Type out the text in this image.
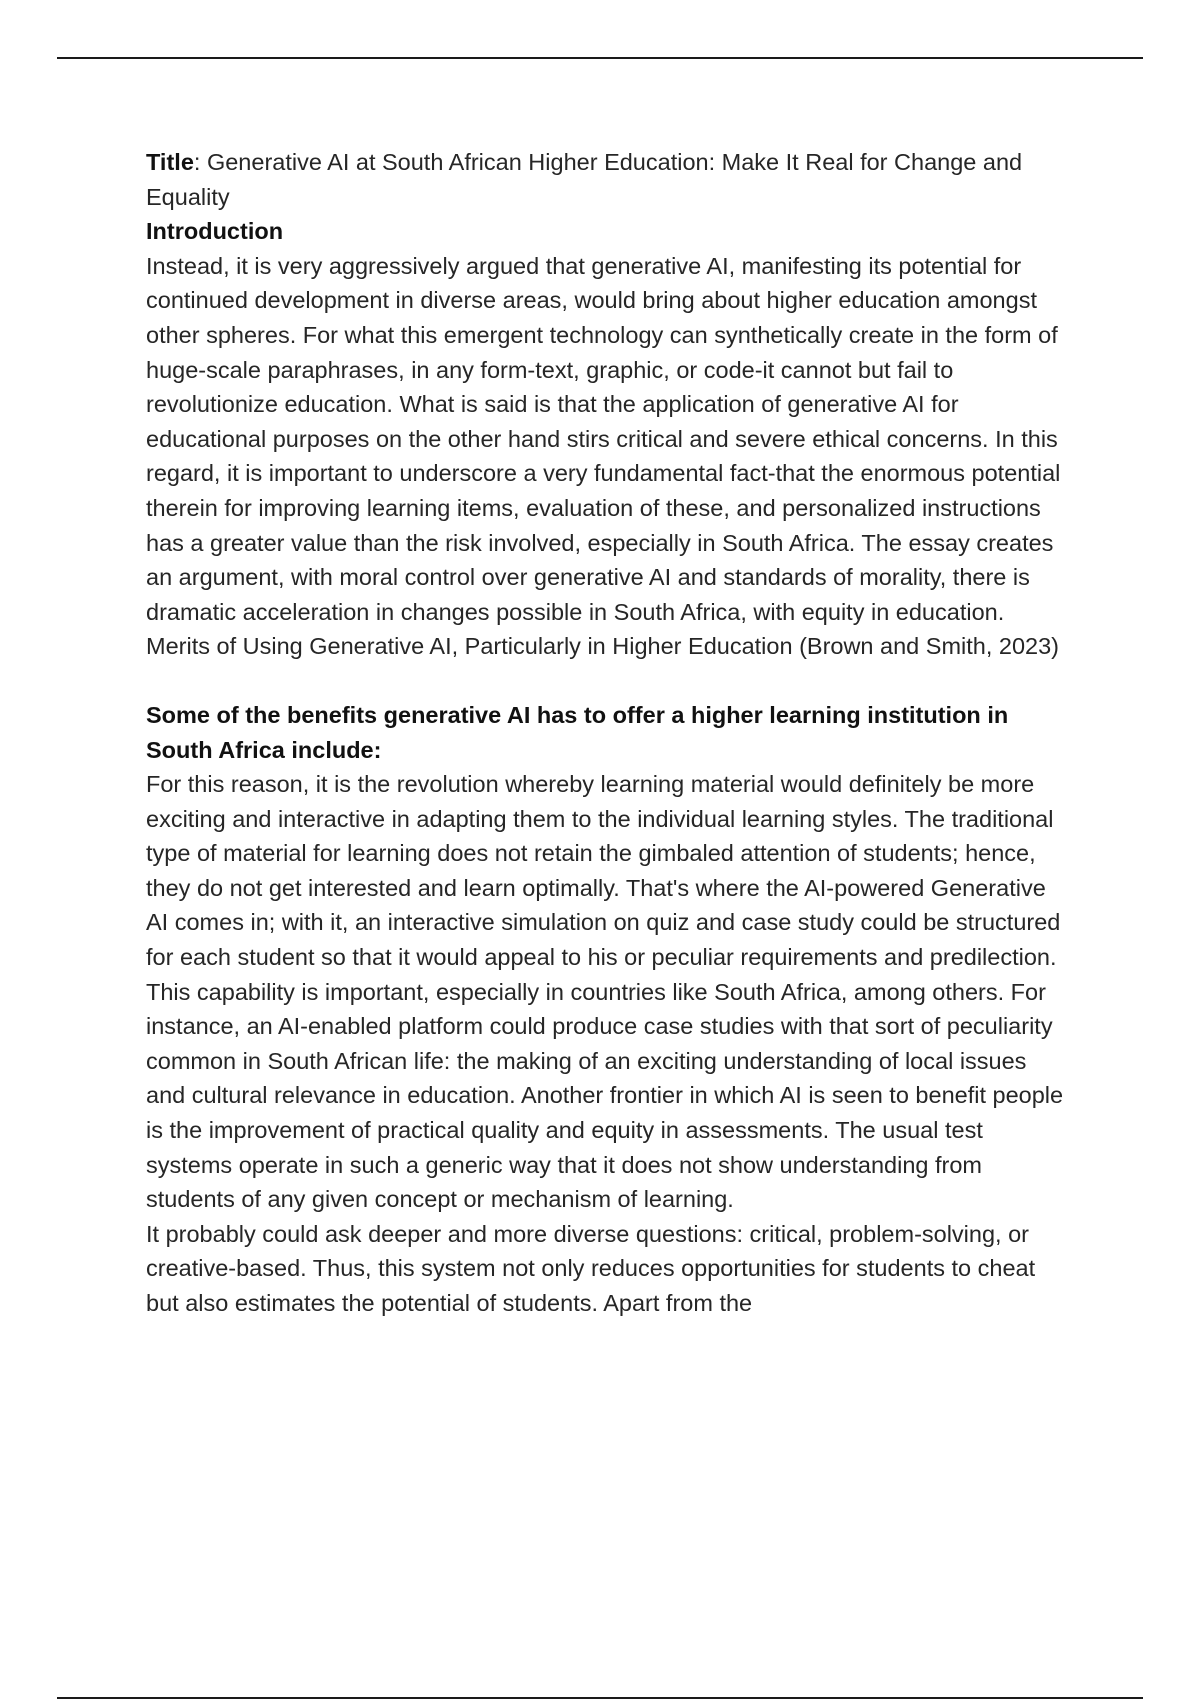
Title: Generative AI at South African Higher Education: Make It Real for Change and Equality

Introduction

Instead, it is very aggressively argued that generative AI, manifesting its potential for continued development in diverse areas, would bring about higher education amongst other spheres. For what this emergent technology can synthetically create in the form of huge-scale paraphrases, in any form-text, graphic, or code-it cannot but fail to revolutionize education. What is said is that the application of generative AI for educational purposes on the other hand stirs critical and severe ethical concerns. In this regard, it is important to underscore a very fundamental fact-that the enormous potential therein for improving learning items, evaluation of these, and personalized instructions has a greater value than the risk involved, especially in South Africa. The essay creates an argument, with moral control over generative AI and standards of morality, there is dramatic acceleration in changes possible in South Africa, with equity in education. Merits of Using Generative AI, Particularly in Higher Education (Brown and Smith, 2023)

Some of the benefits generative AI has to offer a higher learning institution in South Africa include:

For this reason, it is the revolution whereby learning material would definitely be more exciting and interactive in adapting them to the individual learning styles. The traditional type of material for learning does not retain the gimbaled attention of students; hence, they do not get interested and learn optimally. That's where the AI-powered Generative AI comes in; with it, an interactive simulation on quiz and case study could be structured for each student so that it would appeal to his or peculiar requirements and predilection. This capability is important, especially in countries like South Africa, among others. For instance, an AI-enabled platform could produce case studies with that sort of peculiarity common in South African life: the making of an exciting understanding of local issues and cultural relevance in education. Another frontier in which AI is seen to benefit people is the improvement of practical quality and equity in assessments. The usual test systems operate in such a generic way that it does not show understanding from students of any given concept or mechanism of learning.

It probably could ask deeper and more diverse questions: critical, problem-solving, or creative-based. Thus, this system not only reduces opportunities for students to cheat but also estimates the potential of students. Apart from the
